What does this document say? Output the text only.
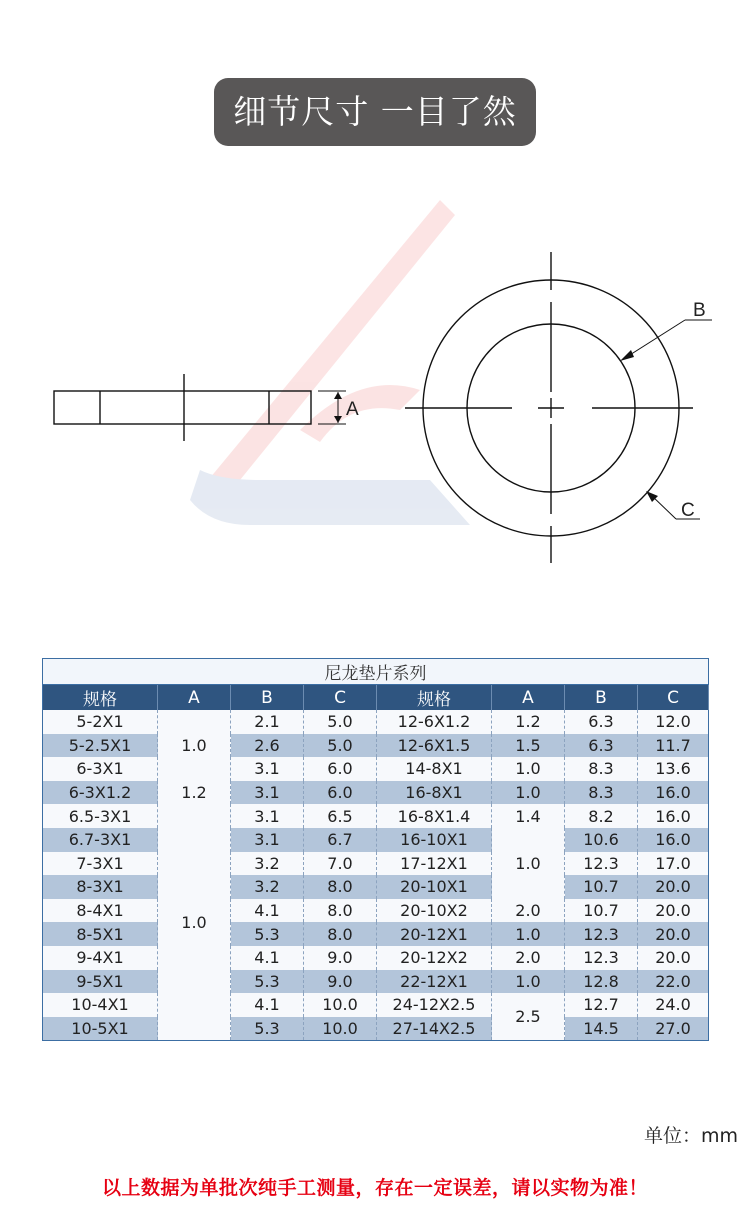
细节尺寸 一目了然
A
B
C
尼龙垫片系列							
规格	A	B	C	规格	A	B	C
5-2X1	1.0	2.1	5.0	12-6X1.2	1.2	6.3	12.0
5-2.5X1		2.6	5.0	12-6X1.5	1.5	6.3	11.7
6-3X1		3.1	6.0	14-8X1	1.0	8.3	13.6
6-3X1.2	1.2	3.1	6.0	16-8X1	1.0	8.3	16.0
6.5-3X1	1.0	3.1	6.5	16-8X1.4	1.4	8.2	16.0
6.7-3X1		3.1	6.7	16-10X1	1.0	10.6	16.0
7-3X1		3.2	7.0	17-12X1		12.3	17.0
8-3X1		3.2	8.0	20-10X1		10.7	20.0
8-4X1		4.1	8.0	20-10X2	2.0	10.7	20.0
8-5X1		5.3	8.0	20-12X1	1.0	12.3	20.0
9-4X1		4.1	9.0	20-12X2	2.0	12.3	20.0
9-5X1		5.3	9.0	22-12X1	1.0	12.8	22.0
10-4X1		4.1	10.0	24-12X2.5	2.5	12.7	24.0
10-5X1		5.3	10.0	27-14X2.5		14.5	27.0
单位：mm
以上数据为单批次纯手工测量，存在一定误差，请以实物为准！
